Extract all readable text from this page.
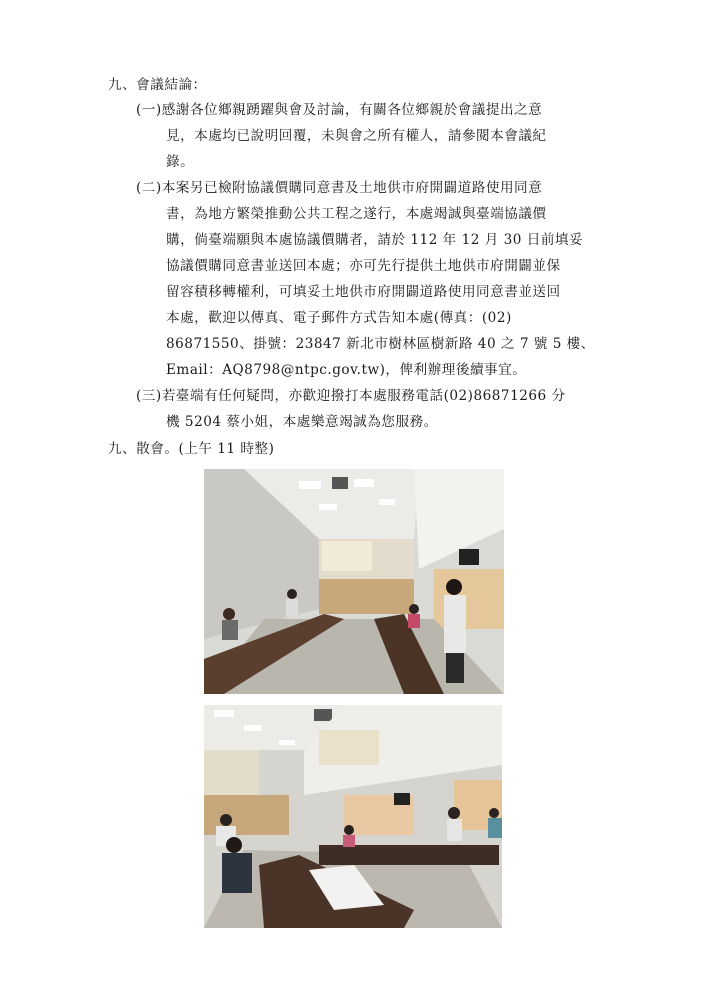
九、會議結論：
(一)感謝各位鄉親踴躍與會及討論，有關各位鄉親於會議提出之意
見，本處均已說明回覆，未與會之所有權人，請參閱本會議紀
錄。
(二)本案另已檢附協議價購同意書及土地供市府開闢道路使用同意
書，為地方繁榮推動公共工程之遂行，本處竭誠與臺端協議價
購，倘臺端願與本處協議價購者，請於 112 年 12 月 30 日前填妥
協議價購同意書並送回本處；亦可先行提供土地供市府開闢並保
留容積移轉權利，可填妥土地供市府開闢道路使用同意書並送回
本處，歡迎以傳真、電子郵件方式告知本處(傳真：(02)
86871550、掛號：23847 新北市樹林區樹新路 40 之 7 號 5 樓、
Email：AQ8798@ntpc.gov.tw)，俾利辦理後續事宜。
(三)若臺端有任何疑問，亦歡迎撥打本處服務電話(02)86871266 分
機 5204 蔡小姐，本處樂意竭誠為您服務。
九、散會。(上午 11 時整)
